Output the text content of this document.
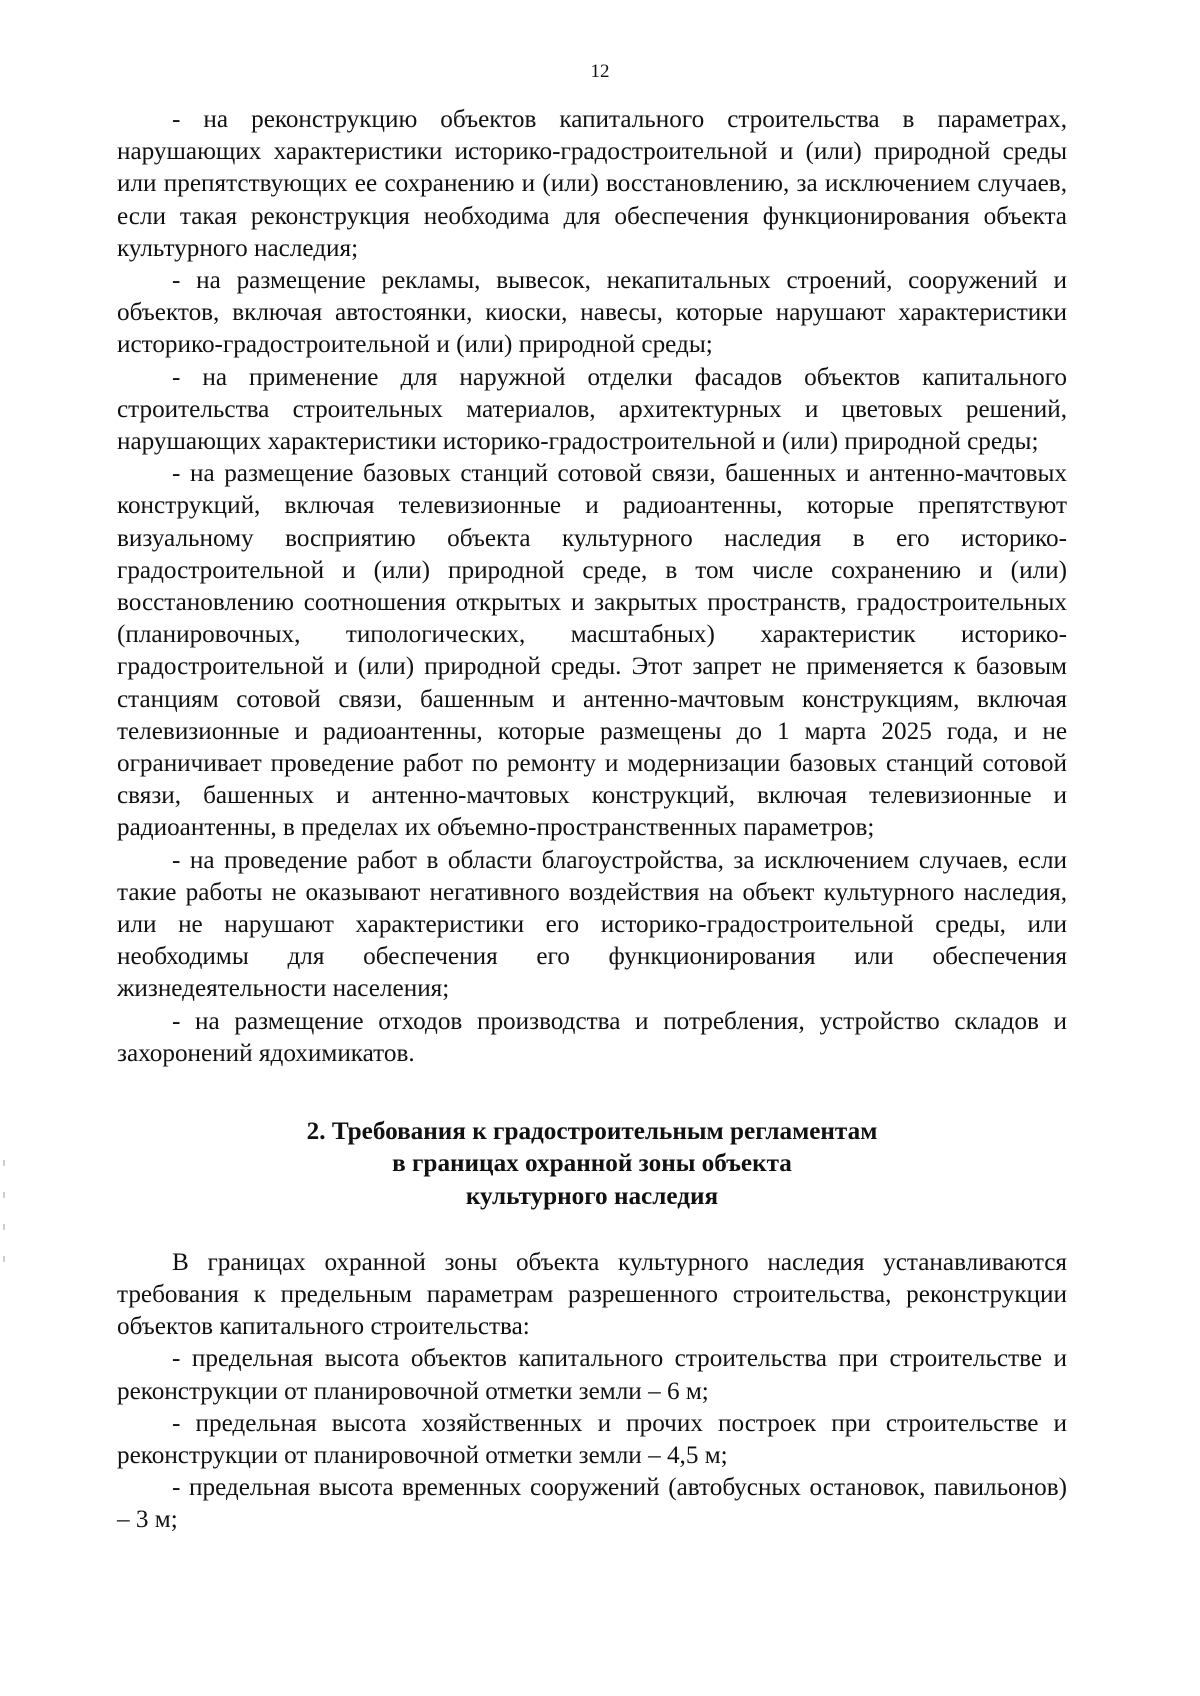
12

- на реконструкцию объектов капитального строительства в параметрах, нарушающих характеристики историко-градостроительной и (или) природной среды или препятствующих ее сохранению и (или) восстановлению, за исключением случаев, если такая реконструкция необходима для обеспечения функционирования объекта культурного наследия;

- на размещение рекламы, вывесок, некапитальных строений, сооружений и объектов, включая автостоянки, киоски, навесы, которые нарушают характеристики историко-градостроительной и (или) природной среды;

- на применение для наружной отделки фасадов объектов капитального строительства строительных материалов, архитектурных и цветовых решений, нарушающих характеристики историко-градостроительной и (или) природной среды;

- на размещение базовых станций сотовой связи, башенных и антенно-мачтовых конструкций, включая телевизионные и радиоантенны, которые препятствуют визуальному восприятию объекта культурного наследия в его историко-градостроительной и (или) природной среде, в том числе сохранению и (или) восстановлению соотношения открытых и закрытых пространств, градостроительных (планировочных, типологических, масштабных) характеристик историко-градостроительной и (или) природной среды. Этот запрет не применяется к базовым станциям сотовой связи, башенным и антенно-мачтовым конструкциям, включая телевизионные и радиоантенны, которые размещены до 1 марта 2025 года, и не ограничивает проведение работ по ремонту и модернизации базовых станций сотовой связи, башенных и антенно-мачтовых конструкций, включая телевизионные и радиоантенны, в пределах их объемно-пространственных параметров;

- на проведение работ в области благоустройства, за исключением случаев, если такие работы не оказывают негативного воздействия на объект культурного наследия, или не нарушают характеристики его историко-градостроительной среды, или необходимы для обеспечения его функционирования или обеспечения жизнедеятельности населения;

- на размещение отходов производства и потребления, устройство складов и захоронений ядохимикатов.

2. Требования к градостроительным регламентам
в границах охранной зоны объекта
культурного наследия

В границах охранной зоны объекта культурного наследия устанавливаются требования к предельным параметрам разрешенного строительства, реконструкции объектов капитального строительства:

- предельная высота объектов капитального строительства при строительстве и реконструкции от планировочной отметки земли – 6 м;

- предельная высота хозяйственных и прочих построек при строительстве и реконструкции от планировочной отметки земли – 4,5 м;

- предельная высота временных сооружений (автобусных остановок, павильонов) – 3 м;
